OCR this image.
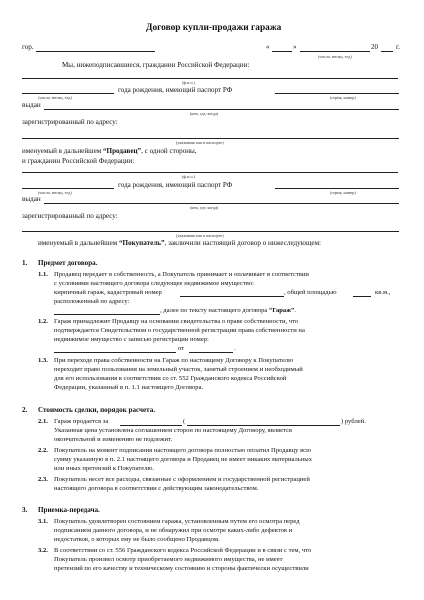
Договор купли-продажи гаража
гор.	«	»	20	г.
(число, месяц, год)
Мы, нижеподписавшиеся, гражданин Российской Федерации:
(ф.и.о.)
года рождения, имеющий паспорт РФ
(число, месяц, год)	(серия, номер)
выдан
(кем, где, когда)
зарегистрированный по адресу:
(указывать как в паспорте)
именуемый в дальнейшем “Продавец”, с одной стороны,
и гражданин Российской Федерации:
(ф.и.о.)
года рождения, имеющий паспорт РФ
(число, месяц, год)	(серия, номер)
выдан
(кем, где, когда)
зарегистрированный по адресу:
(указывать как в паспорте)
именуемый в дальнейшем “Покупатель”, заключили настоящий договор о нижеследующем:
1. Предмет договора.
1.1. Продавец передает в собственность, а Покупатель принимает и оплачивает в соответствии
с условиями настоящего договора следующее недвижимое имущество:
кирпичный гараж, кадастровый номер	, общей площадью	кв.м.,
расположенный по адресу:
, далее по тексту настоящего договора “Гараж”.
1.2. Гараж принадлежит Продавцу на основании свидетельства о праве собственности, что
подтверждается Свидетельством о государственной регистрации права собственности на
недвижимое имущество с записью регистрации номер:
от	.
1.3. При переходе права собственности на Гараж по настоящему Договору к Покупателю
переходит право пользования на земельный участок, занятый строением и необходимый
для его использования в соответствии со ст. 552 Гражданского кодекса Российской
Федерации, указанный в п. 1.1 настоящего Договора.
2. Стоимость сделки, порядок расчета.
2.1. Гараж продается за	(	) рублей.
Указанная цена установлена соглашением сторон по настоящему Договору, является
окончательной и изменению не подлежит.
2.2. Покупатель на момент подписания настоящего договора полностью оплатил Продавцу всю
сумму указанную в п. 2.1 настоящего договора и Продавец не имеет никаких материальных
или иных претензий к Покупателю.
2.3. Покупатель несет все расходы, связанные с оформлением и государственной регистрацией
настоящего договора в соответствии с действующим законодательством.
3. Приемка-передача.
3.1. Покупатель удовлетворен состоянием гаража, установленным путем его осмотра перед
подписанием данного договора, и не обнаружил при осмотре каких-либо дефектов и
недостатков, о которых ему не было сообщено Продавцом.
3.2. В соответствии со ст. 556 Гражданского кодекса Российской Федерации и в связи с тем, что
Покупатель произвел осмотр приобретаемого недвижимого имущества, не имеет
претензий по его качеству и техническому состоянию и стороны фактически осуществили
